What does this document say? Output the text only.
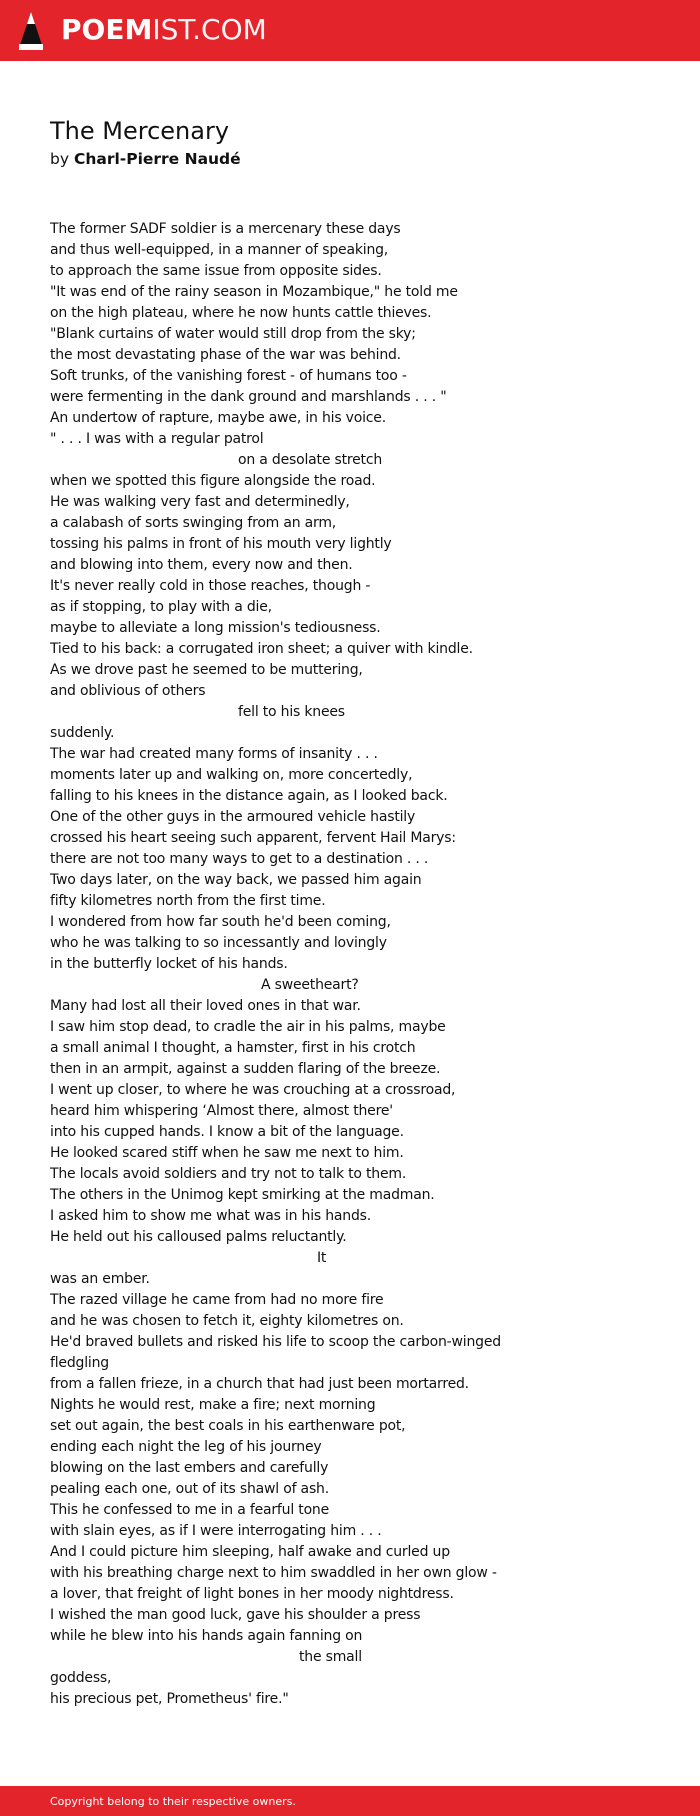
POEMIST.COM
The Mercenary
by Charl-Pierre Naudé
The former SADF soldier is a mercenary these days
and thus well-equipped, in a manner of speaking,
to approach the same issue from opposite sides.
"It was end of the rainy season in Mozambique," he told me
on the high plateau, where he now hunts cattle thieves.
"Blank curtains of water would still drop from the sky;
the most devastating phase of the war was behind.
Soft trunks, of the vanishing forest - of humans too -
were fermenting in the dank ground and marshlands . . . "
An undertow of rapture, maybe awe, in his voice.
" . . . I was with a regular patrol
on a desolate stretch
when we spotted this figure alongside the road.
He was walking very fast and determinedly,
a calabash of sorts swinging from an arm,
tossing his palms in front of his mouth very lightly
and blowing into them, every now and then.
It's never really cold in those reaches, though -
as if stopping, to play with a die,
maybe to alleviate a long mission's tediousness.
Tied to his back: a corrugated iron sheet; a quiver with kindle.
As we drove past he seemed to be muttering,
and oblivious of others
fell to his knees
suddenly.
The war had created many forms of insanity . . .
moments later up and walking on, more concertedly,
falling to his knees in the distance again, as I looked back.
One of the other guys in the armoured vehicle hastily
crossed his heart seeing such apparent, fervent Hail Marys:
there are not too many ways to get to a destination . . .
Two days later, on the way back, we passed him again
fifty kilometres north from the first time.
I wondered from how far south he'd been coming,
who he was talking to so incessantly and lovingly
in the butterfly locket of his hands.
A sweetheart?
Many had lost all their loved ones in that war.
I saw him stop dead, to cradle the air in his palms, maybe
a small animal I thought, a hamster, first in his crotch
then in an armpit, against a sudden flaring of the breeze.
I went up closer, to where he was crouching at a crossroad,
heard him whispering ‘Almost there, almost there'
into his cupped hands. I know a bit of the language.
He looked scared stiff when he saw me next to him.
The locals avoid soldiers and try not to talk to them.
The others in the Unimog kept smirking at the madman.
I asked him to show me what was in his hands.
He held out his calloused palms reluctantly.
It
was an ember.
The razed village he came from had no more fire
and he was chosen to fetch it, eighty kilometres on.
He'd braved bullets and risked his life to scoop the carbon-winged
fledgling
from a fallen frieze, in a church that had just been mortarred.
Nights he would rest, make a fire; next morning
set out again, the best coals in his earthenware pot,
ending each night the leg of his journey
blowing on the last embers and carefully
pealing each one, out of its shawl of ash.
This he confessed to me in a fearful tone
with slain eyes, as if I were interrogating him . . .
And I could picture him sleeping, half awake and curled up
with his breathing charge next to him swaddled in her own glow -
a lover, that freight of light bones in her moody nightdress.
I wished the man good luck, gave his shoulder a press
while he blew into his hands again fanning on
the small
goddess,
his precious pet, Prometheus' fire."
Copyright belong to their respective owners.
